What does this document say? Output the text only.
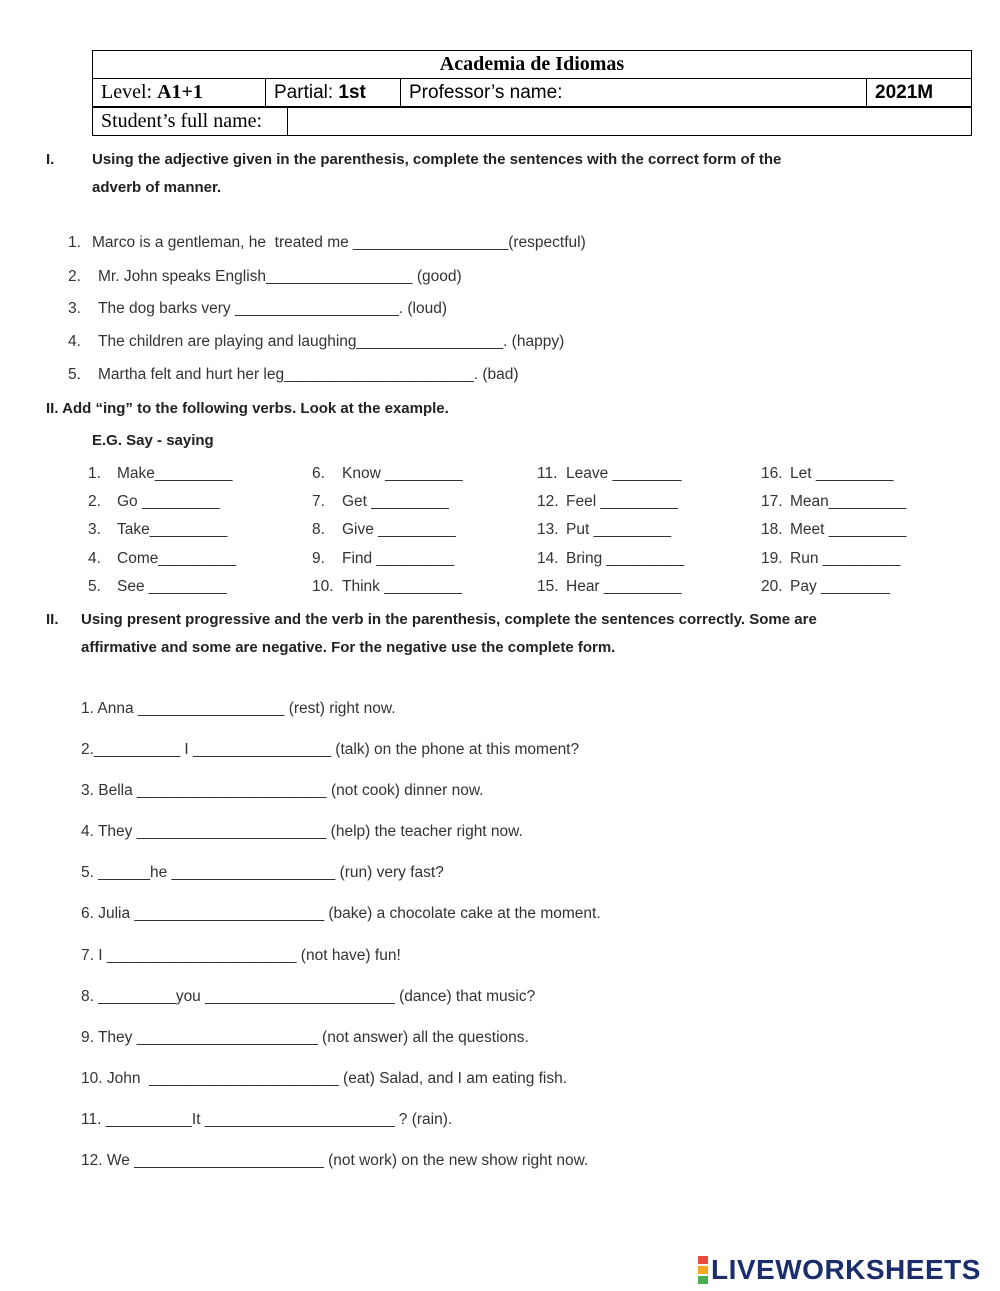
Academia de Idiomas
Level: A1+1	Partial: 1st	Professor’s name:	2021M
Student’s full name:	
I.	Using the adjective given in the parenthesis, complete the sentences with the correct form of the
adverb of manner.
1. Marco is a gentleman, he  treated me __________________(respectful)
2. Mr. John speaks English_________________ (good)
3. The dog barks very ___________________. (loud)
4. The children are playing and laughing_________________. (happy)
5. Martha felt and hurt her leg______________________. (bad)
II. Add “ing” to the following verbs. Look at the example.
E.G. Say - saying
1. Make_________
2. Go _________
3. Take_________
4. Come_________
5. See _________
6. Know _________
7. Get _________
8. Give _________
9. Find _________
10. Think _________
11. Leave ________
12. Feel _________
13. Put _________
14. Bring _________
15. Hear _________
16. Let _________
17. Mean_________
18. Meet _________
19. Run _________
20. Pay ________
II. Using present progressive and the verb in the parenthesis, complete the sentences correctly. Some are
affirmative and some are negative. For the negative use the complete form.
1. Anna _________________ (rest) right now.
2.__________ I ________________ (talk) on the phone at this moment?
3. Bella ______________________ (not cook) dinner now.
4. They ______________________ (help) the teacher right now.
5. ______he ___________________ (run) very fast?
6. Julia ______________________ (bake) a chocolate cake at the moment.
7. I ______________________ (not have) fun!
8. _________you ______________________ (dance) that music?
9. They _____________________ (not answer) all the questions.
10. John  ______________________ (eat) Salad, and I am eating fish.
11. __________It ______________________ ? (rain).
12. We ______________________ (not work) on the new show right now.
LIVEWORKSHEETS
